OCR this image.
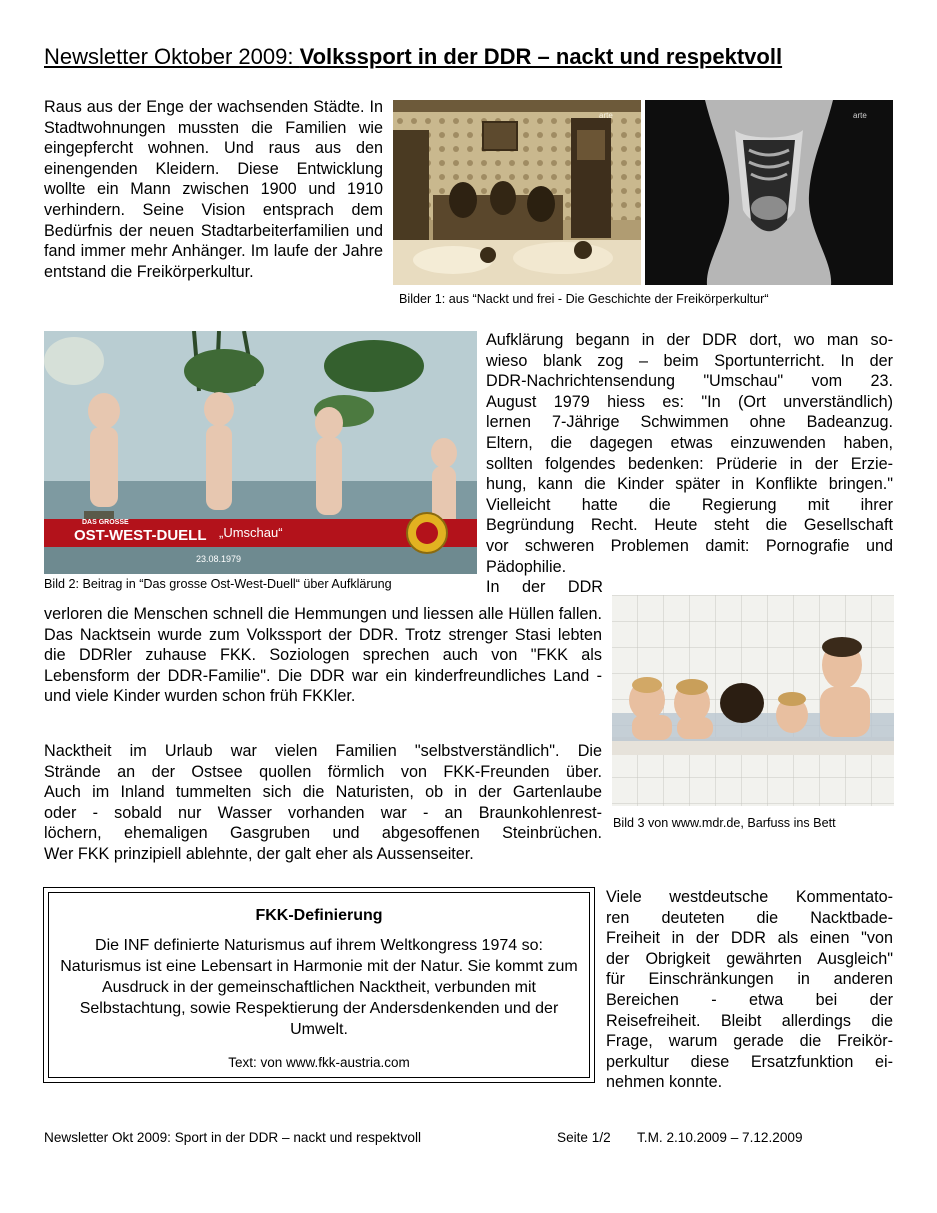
Newsletter Oktober 2009: Volkssport in der DDR – nackt und respektvoll

Raus aus der Enge der wachsenden Städte. In Stadtwohnungen mussten die Familien wie eingepfercht wohnen. Und raus aus den einengenden Kleidern. Diese Entwicklung wollte ein Mann zwischen 1900 und 1910 verhindern. Seine Vision entsprach dem Bedürfnis der neuen Stadtarbeiterfamilien und fand immer mehr Anhänger. Im laufe der Jahre entstand die Freikörperkultur.

arte	arte
Bilder 1: aus “Nackt und frei - Die Geschichte der Freikörperkultur“
DAS GROSSE
OST-WEST-DUELL „Umschau“
23.08.1979
Bild 2: Beitrag in “Das grosse Ost-West-Duell“ über Aufklärung
Aufklärung begann in der DDR dort, wo man so-
wieso blank zog – beim Sportunterricht. In der
DDR-Nachrichtensendung "Umschau" vom 23.
August 1979 hiess es: "In (Ort unverständlich)
lernen 7-Jährige Schwimmen ohne Badeanzug.
Eltern, die dagegen etwas einzuwenden haben,
sollten folgendes bedenken: Prüderie in der Erzie-
hung, kann die Kinder später in Konflikte bringen."
Vielleicht hatte die Regierung mit ihrer
Begründung Recht. Heute steht die Gesellschaft
vor schweren Problemen damit: Pornografie und
Pädophilie.
In der DDR
Bild 3 von www.mdr.de, Barfuss ins Bett

verloren die Menschen schnell die Hemmungen und liessen alle Hüllen fallen. Das Nacktsein wurde zum Volkssport der DDR. Trotz strenger Stasi lebten die DDRler zuhause FKK. Soziologen sprechen auch von "FKK als Lebensform der DDR-Familie". Die DDR war ein kinderfreundliches Land - und viele Kinder wurden schon früh FKKler.

Nacktheit im Urlaub war vielen Familien "selbstverständlich". Die
Strände an der Ostsee quollen förmlich von FKK-Freunden über.
Auch im Inland tummelten sich die Naturisten, ob in der Gartenlaube
oder - sobald nur Wasser vorhanden war - an Braunkohlenrest-
löchern, ehemaligen Gasgruben und abgesoffenen Steinbrüchen.
Wer FKK prinzipiell ablehnte, der galt eher als Aussenseiter.
FKK-Definierung
Die INF definierte Naturismus auf ihrem Weltkongress 1974 so: Naturismus ist eine Lebensart in Harmonie mit der Natur. Sie kommt zum Ausdruck in der gemeinschaftlichen Nacktheit, verbunden mit Selbstachtung, sowie Respektierung der Andersdenkenden und der Umwelt.
Text: von www.fkk-austria.com
Viele westdeutsche Kommentato-
ren deuteten die Nacktbade-
Freiheit in der DDR als einen "von
der Obrigkeit gewährten Ausgleich"
für Einschränkungen in anderen
Bereichen - etwa bei der
Reisefreiheit. Bleibt allerdings die
Frage, warum gerade die Freikör-
perkultur diese Ersatzfunktion ei-
nehmen konnte.
Newsletter Okt 2009: Sport in der DDR – nackt und respektvoll	Seite 1/2 T.M. 2.10.2009 – 7.12.2009
